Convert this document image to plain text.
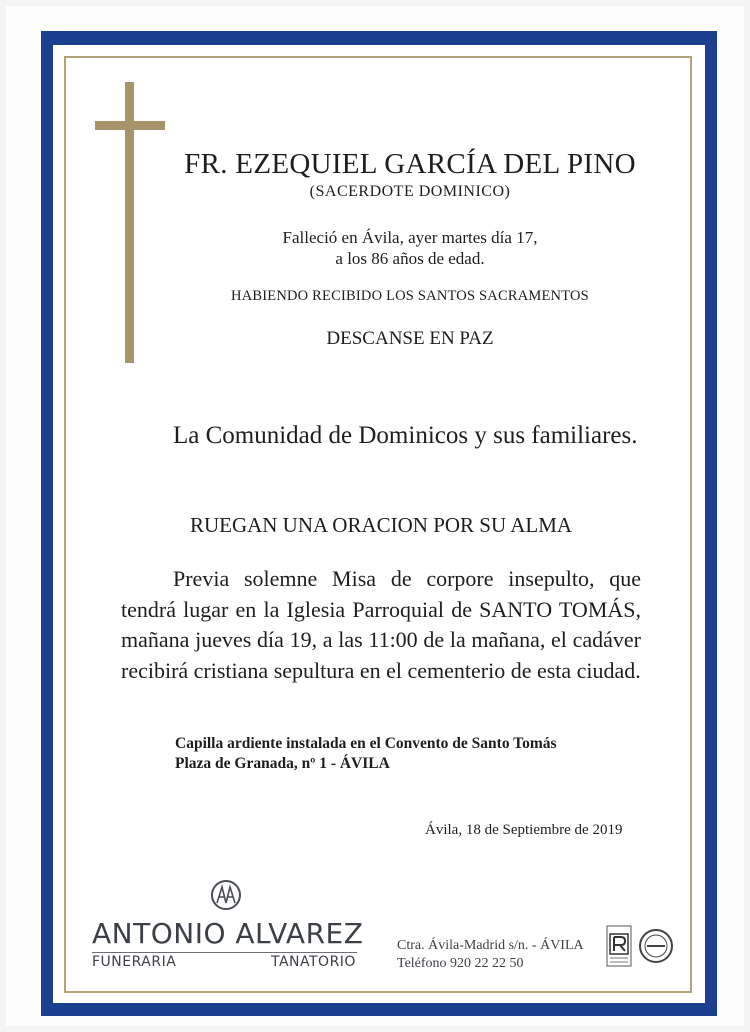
FR. EZEQUIEL GARCÍA DEL PINO
(SACERDOTE DOMINICO)
Falleció en Ávila, ayer martes día 17,
a los 86 años de edad.
HABIENDO RECIBIDO LOS SANTOS SACRAMENTOS
DESCANSE EN PAZ
La Comunidad de Dominicos y sus familiares.
RUEGAN UNA ORACION POR SU ALMA
Previa solemne Misa de corpore insepulto, que tendrá lugar en la Iglesia Parroquial de SANTO TOMÁS, mañana jueves día 19, a las 11:00 de la mañana, el cadáver recibirá cristiana sepultura en el cementerio de esta ciudad.
Capilla ardiente instalada en el Convento de Santo Tomás
Plaza de Granada, nº 1 - ÁVILA
Ávila, 18 de Septiembre de 2019
ANTONIO ALVAREZ
FUNERARIA	TANATORIO
Ctra. Ávila-Madrid s/n. - ÁVILA
Teléfono 920 22 22 50
